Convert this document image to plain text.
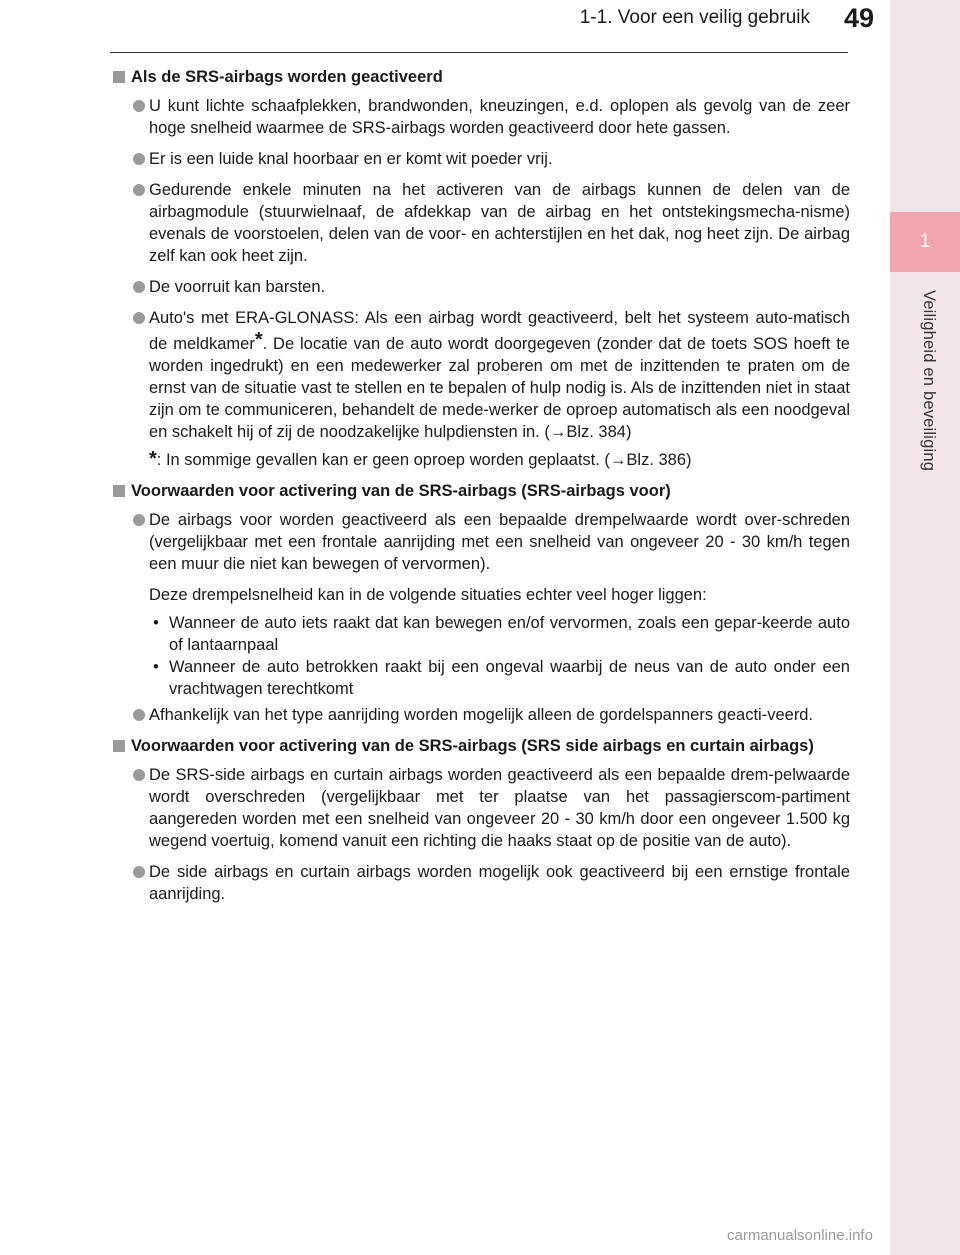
1
Veiligheid en beveiliging
1-1. Voor een veilig gebruik	49
Als de SRS-airbags worden geactiveerd
U kunt lichte schaafplekken, brandwonden, kneuzingen, e.d. oplopen als gevolg van de zeer hoge snelheid waarmee de SRS-airbags worden geactiveerd door hete gassen.
Er is een luide knal hoorbaar en er komt wit poeder vrij.
Gedurende enkele minuten na het activeren van de airbags kunnen de delen van de airbagmodule (stuurwielnaaf, de afdekkap van de airbag en het ontstekingsmecha-nisme) evenals de voorstoelen, delen van de voor- en achterstijlen en het dak, nog heet zijn. De airbag zelf kan ook heet zijn.
De voorruit kan barsten.
Auto's met ERA-GLONASS: Als een airbag wordt geactiveerd, belt het systeem auto-matisch de meldkamer*. De locatie van de auto wordt doorgegeven (zonder dat de toets SOS hoeft te worden ingedrukt) en een medewerker zal proberen om met de inzittenden te praten om de ernst van de situatie vast te stellen en te bepalen of hulp nodig is. Als de inzittenden niet in staat zijn om te communiceren, behandelt de mede-werker de oproep automatisch als een noodgeval en schakelt hij of zij de noodzakelijke hulpdiensten in. (→Blz. 384)
*: In sommige gevallen kan er geen oproep worden geplaatst. (→Blz. 386)
Voorwaarden voor activering van de SRS-airbags (SRS-airbags voor)
De airbags voor worden geactiveerd als een bepaalde drempelwaarde wordt over-schreden (vergelijkbaar met een frontale aanrijding met een snelheid van ongeveer 20 - 30 km/h tegen een muur die niet kan bewegen of vervormen).
Deze drempelsnelheid kan in de volgende situaties echter veel hoger liggen:
• Wanneer de auto iets raakt dat kan bewegen en/of vervormen, zoals een gepar-keerde auto of lantaarnpaal
• Wanneer de auto betrokken raakt bij een ongeval waarbij de neus van de auto onder een vrachtwagen terechtkomt
Afhankelijk van het type aanrijding worden mogelijk alleen de gordelspanners geacti-veerd.
Voorwaarden voor activering van de SRS-airbags (SRS side airbags en curtain airbags)
De SRS-side airbags en curtain airbags worden geactiveerd als een bepaalde drem-pelwaarde wordt overschreden (vergelijkbaar met ter plaatse van het passagierscom-partiment aangereden worden met een snelheid van ongeveer 20 - 30 km/h door een ongeveer 1.500 kg wegend voertuig, komend vanuit een richting die haaks staat op de positie van de auto).
De side airbags en curtain airbags worden mogelijk ook geactiveerd bij een ernstige frontale aanrijding.
carmanualsonline.info
